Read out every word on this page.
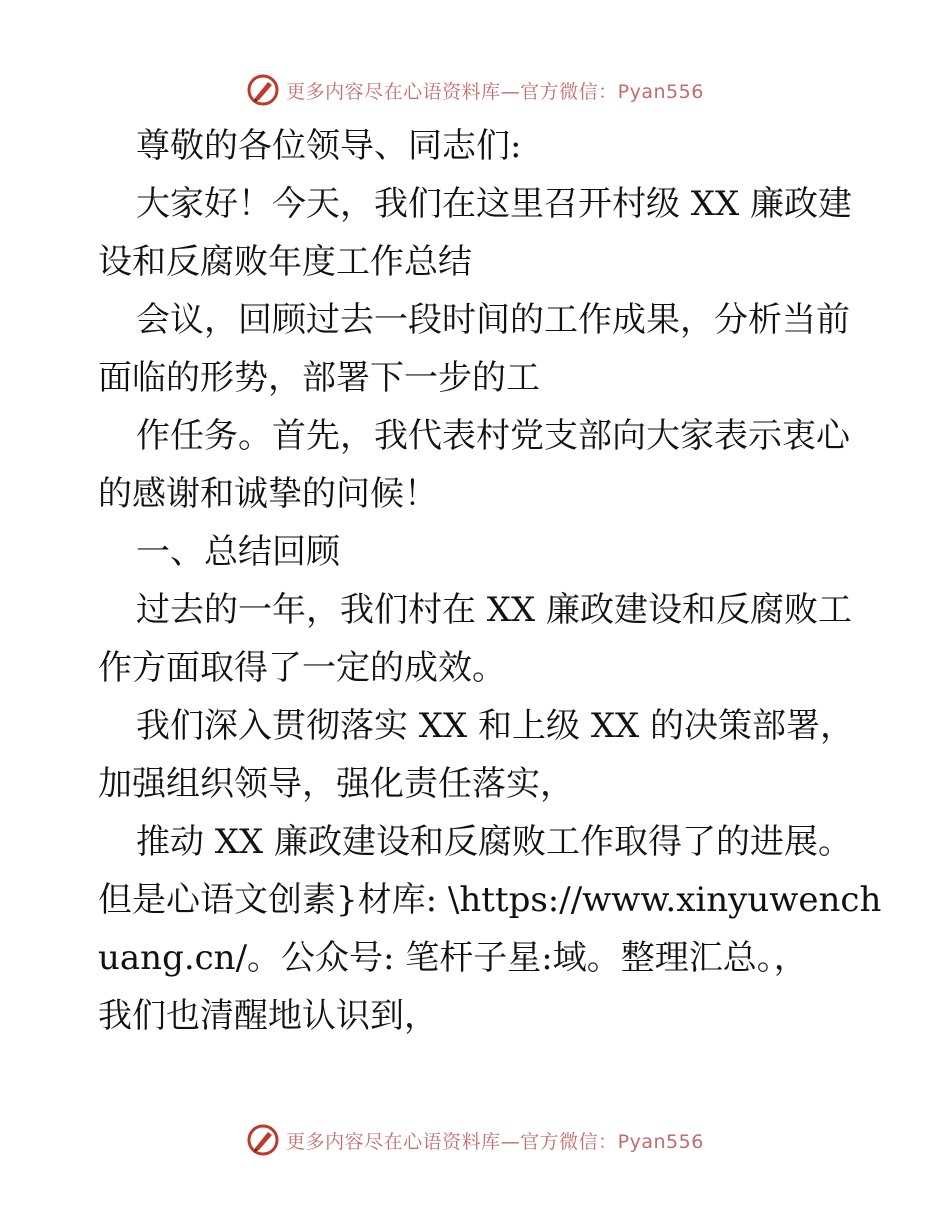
更多内容尽在心语资料库—官方微信：Pyan556
尊敬的各位领导、同志们:
大家好！今天，我们在这里召开村级 XX 廉政建
设和反腐败年度工作总结
会议，回顾过去一段时间的工作成果，分析当前
面临的形势，部署下一步的工
作任务。首先，我代表村党支部向大家表示衷心
的感谢和诚挚的问候！
一、总结回顾
过去的一年，我们村在 XX 廉政建设和反腐败工
作方面取得了一定的成效。
我们深入贯彻落实 XX 和上级 XX 的决策部署，
加强组织领导，强化责任落实，
推动 XX 廉政建设和反腐败工作取得了的进展。
但是心语文创素}材库: \https://www.xinyuwench
uang.cn/。公众号: 笔杆子星:域。整理汇总。，
我们也清醒地认识到，
更多内容尽在心语资料库—官方微信：Pyan556
